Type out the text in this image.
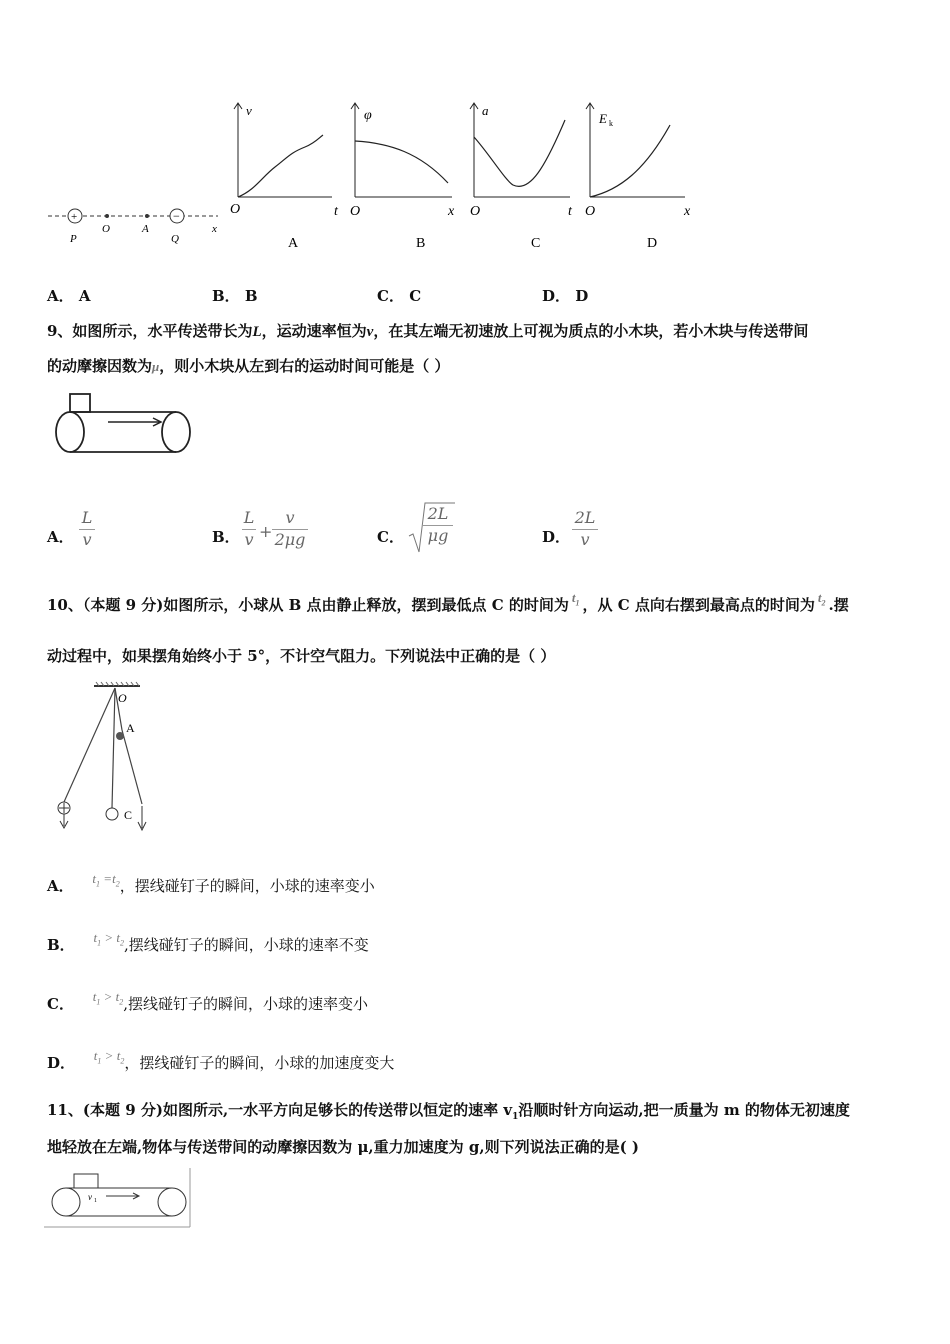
+	−
P
O	A
Q
x
v
O	t
A
φ
O	x
B
a
O	t
C
E k
O	x
D
A． A	B． B	C． C	D． D
9、如图所示，水平传送带长为L，运动速率恒为v，在其左端无初速放上可视为质点的小木块，若小木块与传送带间
的动摩擦因数为μ，则小木块从左到右的运动时间可能是（ ）
A．
L
v	B．
L
v +
v
2μg	C．
2L
μg	D．
2L
v
10、（本题 9 分)如图所示，小球从 B 点由静止释放，摆到最低点 C 的时间为 $t_1$ ，从 C 点向右摆到最高点的时间为 $t_2$ .摆
动过程中，如果摆角始终小于 5°，不计空气阻力。下列说法中正确的是（ ）
O
A
C
A． $t_1 =t_2$，摆线碰钉子的瞬间，小球的速率变小
B． $t_1 > t_2$,摆线碰钉子的瞬间，小球的速率不变
C． $t_1 > t_2$,摆线碰钉子的瞬间，小球的速率变小
D． $t_1 > t_2$，摆线碰钉子的瞬间，小球的加速度变大
11、(本题 9 分)如图所示,一水平方向足够长的传送带以恒定的速率 $v_1$沿顺时针方向运动,把一质量为 m 的物体无初速度
地轻放在左端,物体与传送带间的动摩擦因数为 μ,重力加速度为 g,则下列说法正确的是( )
v 1
